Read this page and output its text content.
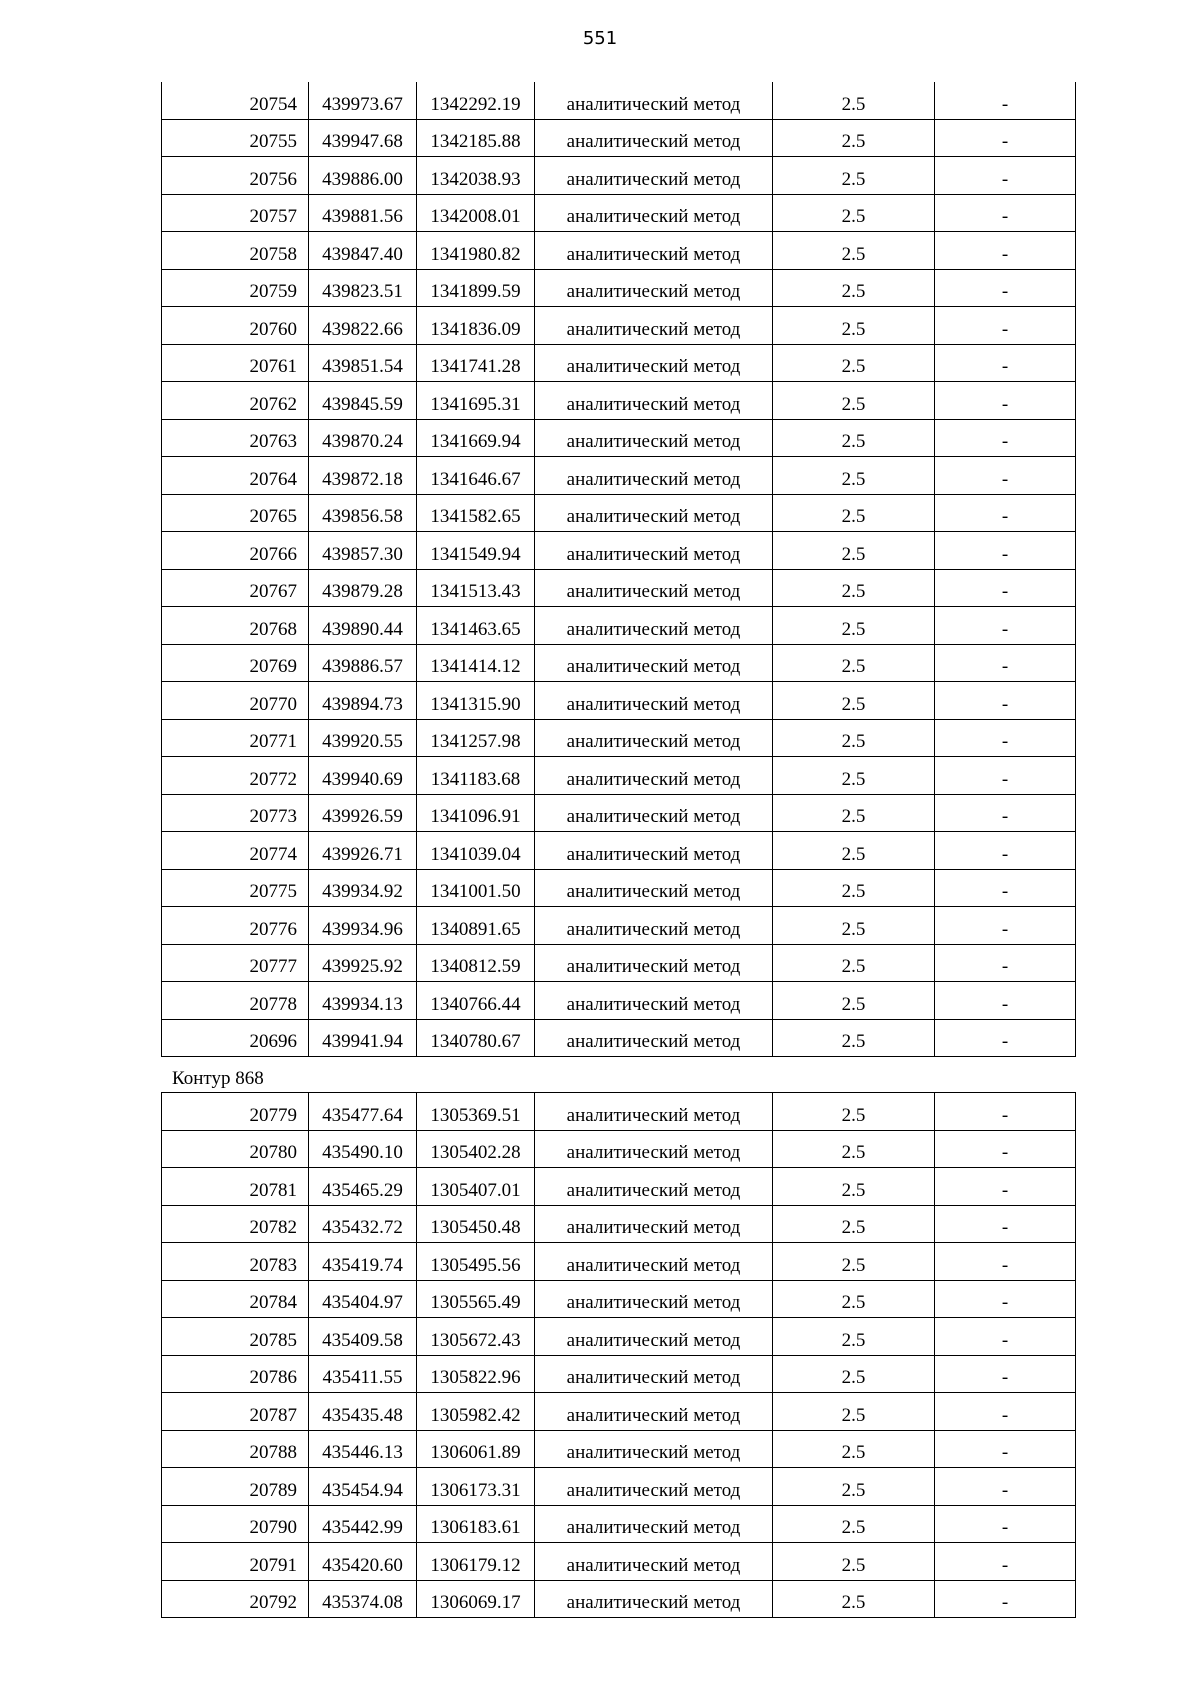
551
20754	439973.67	1342292.19	аналитический метод	2.5	-
20755	439947.68	1342185.88	аналитический метод	2.5	-
20756	439886.00	1342038.93	аналитический метод	2.5	-
20757	439881.56	1342008.01	аналитический метод	2.5	-
20758	439847.40	1341980.82	аналитический метод	2.5	-
20759	439823.51	1341899.59	аналитический метод	2.5	-
20760	439822.66	1341836.09	аналитический метод	2.5	-
20761	439851.54	1341741.28	аналитический метод	2.5	-
20762	439845.59	1341695.31	аналитический метод	2.5	-
20763	439870.24	1341669.94	аналитический метод	2.5	-
20764	439872.18	1341646.67	аналитический метод	2.5	-
20765	439856.58	1341582.65	аналитический метод	2.5	-
20766	439857.30	1341549.94	аналитический метод	2.5	-
20767	439879.28	1341513.43	аналитический метод	2.5	-
20768	439890.44	1341463.65	аналитический метод	2.5	-
20769	439886.57	1341414.12	аналитический метод	2.5	-
20770	439894.73	1341315.90	аналитический метод	2.5	-
20771	439920.55	1341257.98	аналитический метод	2.5	-
20772	439940.69	1341183.68	аналитический метод	2.5	-
20773	439926.59	1341096.91	аналитический метод	2.5	-
20774	439926.71	1341039.04	аналитический метод	2.5	-
20775	439934.92	1341001.50	аналитический метод	2.5	-
20776	439934.96	1340891.65	аналитический метод	2.5	-
20777	439925.92	1340812.59	аналитический метод	2.5	-
20778	439934.13	1340766.44	аналитический метод	2.5	-
20696	439941.94	1340780.67	аналитический метод	2.5	-
Контур 868
20779	435477.64	1305369.51	аналитический метод	2.5	-
20780	435490.10	1305402.28	аналитический метод	2.5	-
20781	435465.29	1305407.01	аналитический метод	2.5	-
20782	435432.72	1305450.48	аналитический метод	2.5	-
20783	435419.74	1305495.56	аналитический метод	2.5	-
20784	435404.97	1305565.49	аналитический метод	2.5	-
20785	435409.58	1305672.43	аналитический метод	2.5	-
20786	435411.55	1305822.96	аналитический метод	2.5	-
20787	435435.48	1305982.42	аналитический метод	2.5	-
20788	435446.13	1306061.89	аналитический метод	2.5	-
20789	435454.94	1306173.31	аналитический метод	2.5	-
20790	435442.99	1306183.61	аналитический метод	2.5	-
20791	435420.60	1306179.12	аналитический метод	2.5	-
20792	435374.08	1306069.17	аналитический метод	2.5	-
